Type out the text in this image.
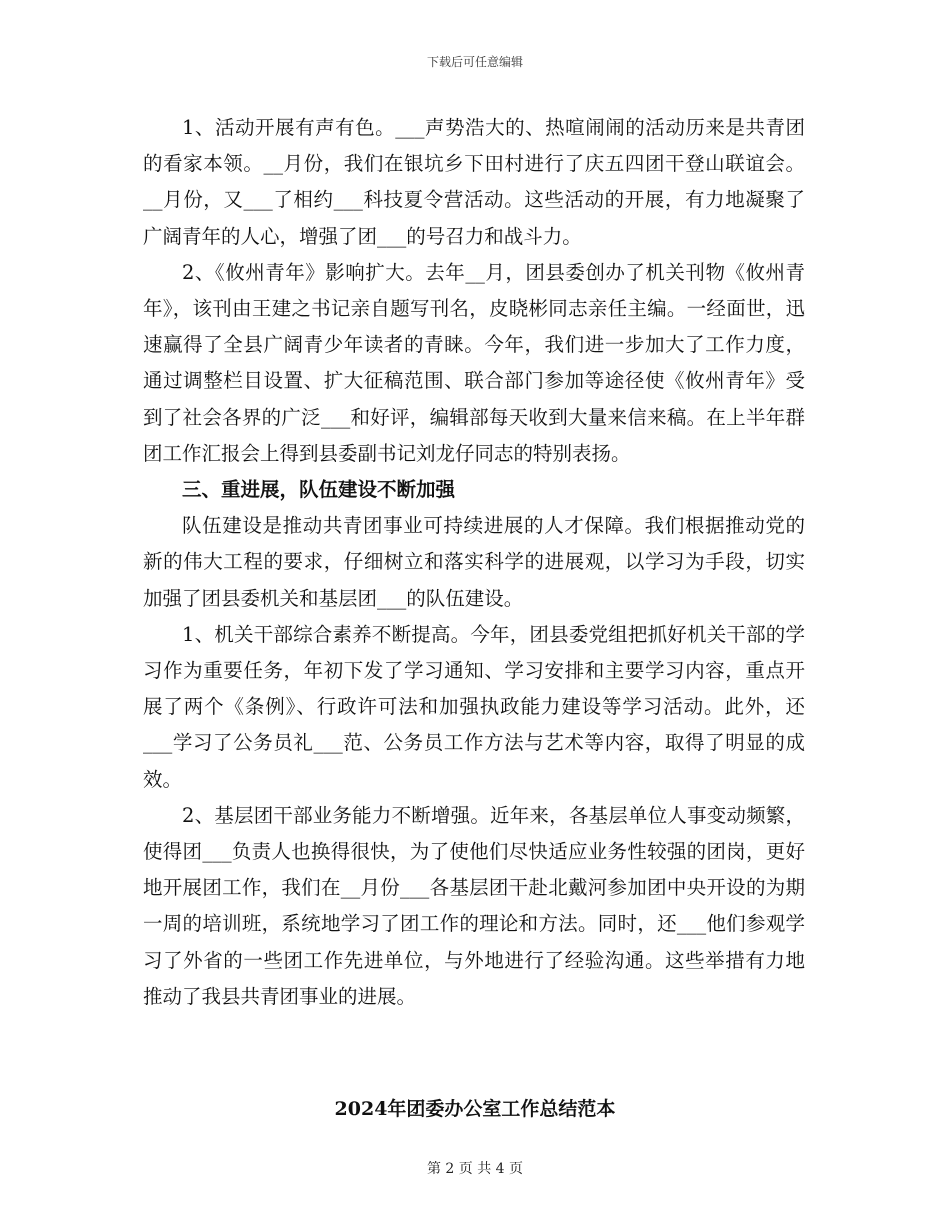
下载后可任意编辑

1、活动开展有声有色。___声势浩大的、热喧闹闹的活动历来是共青团的看家本领。__月份，我们在银坑乡下田村进行了庆五四团干登山联谊会。__月份，又___了相约___科技夏令营活动。这些活动的开展，有力地凝聚了广阔青年的人心，增强了团___的号召力和战斗力。

2、《攸州青年》影响扩大。去年__月，团县委创办了机关刊物《攸州青年》，该刊由王建之书记亲自题写刊名，皮晓彬同志亲任主编。一经面世，迅速赢得了全县广阔青少年读者的青睐。今年，我们进一步加大了工作力度，通过调整栏目设置、扩大征稿范围、联合部门参加等途径使《攸州青年》受到了社会各界的广泛___和好评，编辑部每天收到大量来信来稿。在上半年群团工作汇报会上得到县委副书记刘龙仔同志的特别表扬。

三、重进展，队伍建设不断加强

队伍建设是推动共青团事业可持续进展的人才保障。我们根据推动党的新的伟大工程的要求，仔细树立和落实科学的进展观，以学习为手段，切实加强了团县委机关和基层团___的队伍建设。

1、机关干部综合素养不断提高。今年，团县委党组把抓好机关干部的学习作为重要任务，年初下发了学习通知、学习安排和主要学习内容，重点开展了两个《条例》、行政许可法和加强执政能力建设等学习活动。此外，还___学习了公务员礼___范、公务员工作方法与艺术等内容，取得了明显的成效。

2、基层团干部业务能力不断增强。近年来，各基层单位人事变动频繁，使得团___负责人也换得很快，为了使他们尽快适应业务性较强的团岗，更好地开展团工作，我们在__月份___各基层团干赴北戴河参加团中央开设的为期一周的培训班，系统地学习了团工作的理论和方法。同时，还___他们参观学习了外省的一些团工作先进单位，与外地进行了经验沟通。这些举措有力地推动了我县共青团事业的进展。

2024年团委办公室工作总结范本
第 2 页 共 4 页
